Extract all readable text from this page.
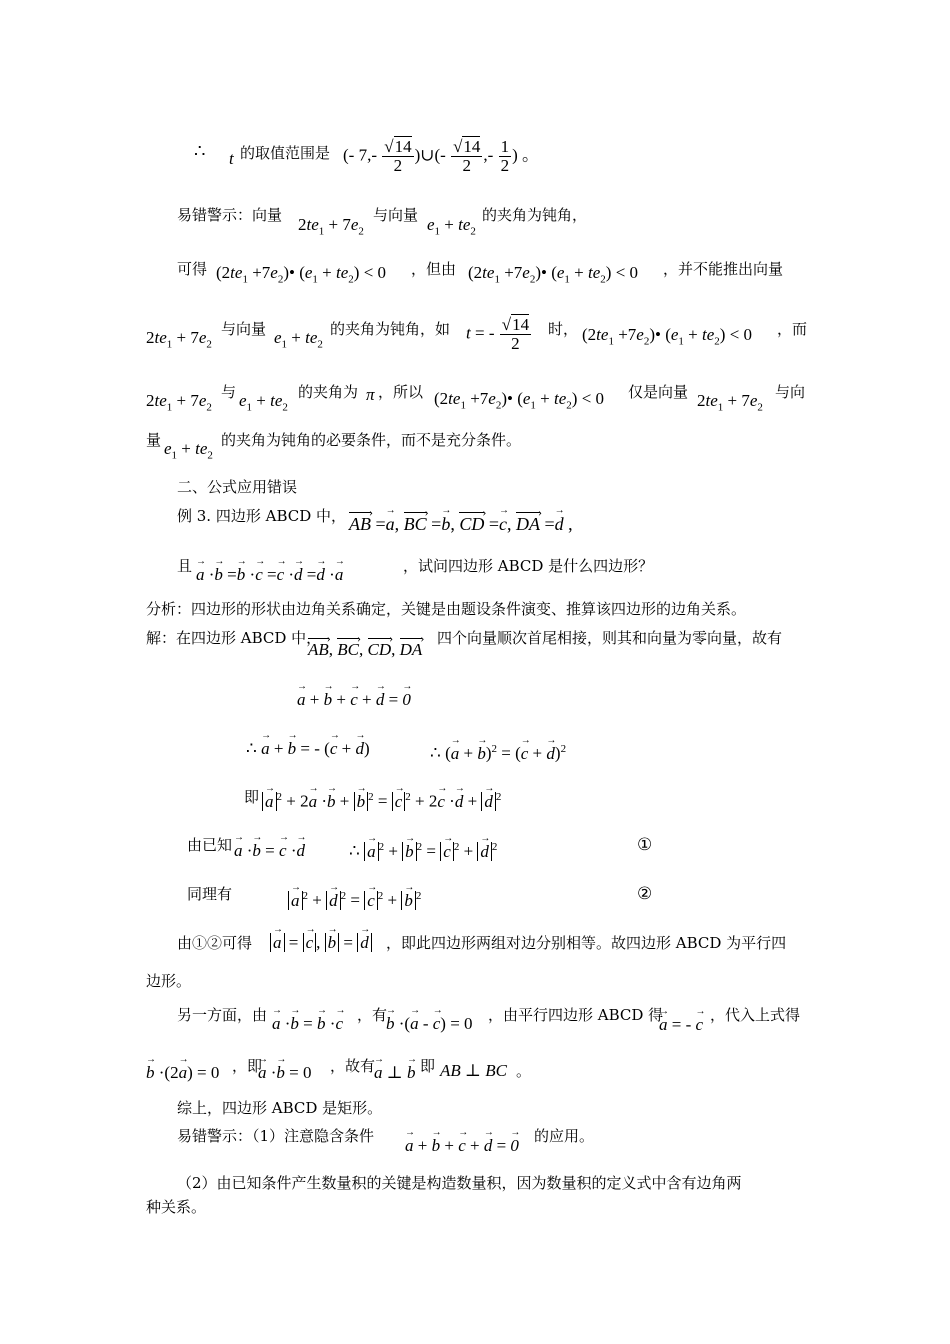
∴ t 的取值范围是 (- $7,- \frac{√14}{2}$ )∪(- $\frac{√14}{2}$ ,- $\frac{1}{2}$ ) 。
易错警示：向量 $2te_1 + 7e_2$
与向量 $e_1 + te_2$
的夹角为钝角，
可得 ($2te_1$ $+7e_2)•$ $(e_1 + te_2) < 0$ ，但由 ($2te_1$ $+7e_2)•$ $(e_1 + te_2) < 0$ ，并不能推出向量
$2te_1 + 7e_2$
与向量 $e_1 + te_2$
的夹角为钝角，如 t = - $\frac{√14}{2}$ 时， ($2te_1$ $+7e_2)•$ $(e_1 + te_2) < 0$ ，而
$2te_1 + 7e_2$
与 $e_1 + te_2$
的夹角为 π ，所以 ($2te_1$ $+7e_2)•$ $(e_1 + te_2) < 0$ 仅是向量 $2te_1 + 7e_2$
与向
量 $e_1 + te_2$
的夹角为钝角的必要条件，而不是充分条件。
二、公式应用错误
例 3. 四边形 ABCD 中， AB › =→ a, BC › =→ b, CD › =→ c, DA › =→ d ,
且 → a ·→ b =→ b ·→ c =→ c ·→ d =→ d ·→ a	，试问四边形 ABCD 是什么四边形？
分析：四边形的形状由边角关系确定，关键是由题设条件演变、推算该四边形的边角关系。
解：在四边形 ABCD 中，
AB ›, BC ›, CD ›, DA ›
四个向量顺次首尾相接，则其和向量为零向量，故有
→ a + → b + → c + → d = → 0
∴ → a + → b = - (→ c + → d)	∴ (→ a + → b)$^2$ = (→ c + → d)$^2$
即 → a $^2$ + 2→ a ·→ b + → b $^2$ = → c $^2$ + 2→ c ·→ d + → d $^2$
由已知 → a ·→ b = → c ·→ d	∴ → a $^2$ + → b $^2$ = → c $^2$ + → d $^2$	①
同理有	→ a $^2$ + → d $^2$ = → c $^2$ + → b $^2$	②
由①②可得 → a = → c , → b = → d ，即此四边形两组对边分别相等。故四边形 ABCD 为平行四
边形。
另一方面，由 → a ·→ b = → b ·→ c ，有
→ b ·(→ a - → c) = 0 ，由平行四边形 ABCD 得
→ a = - → c ，代入上式得
→ b ·(2→ a) = 0 ，即
→ a ·→ b = 0 ，故有
→ a ⊥ → b 即 AB ⊥ BC 。
综上，四边形 ABCD 是矩形。
易错警示：（1）注意隐含条件 → a + → b + → c + → d = → 0 的应用。
（2）由已知条件产生数量积的关键是构造数量积，因为数量积的定义式中含有边角两
种关系。
